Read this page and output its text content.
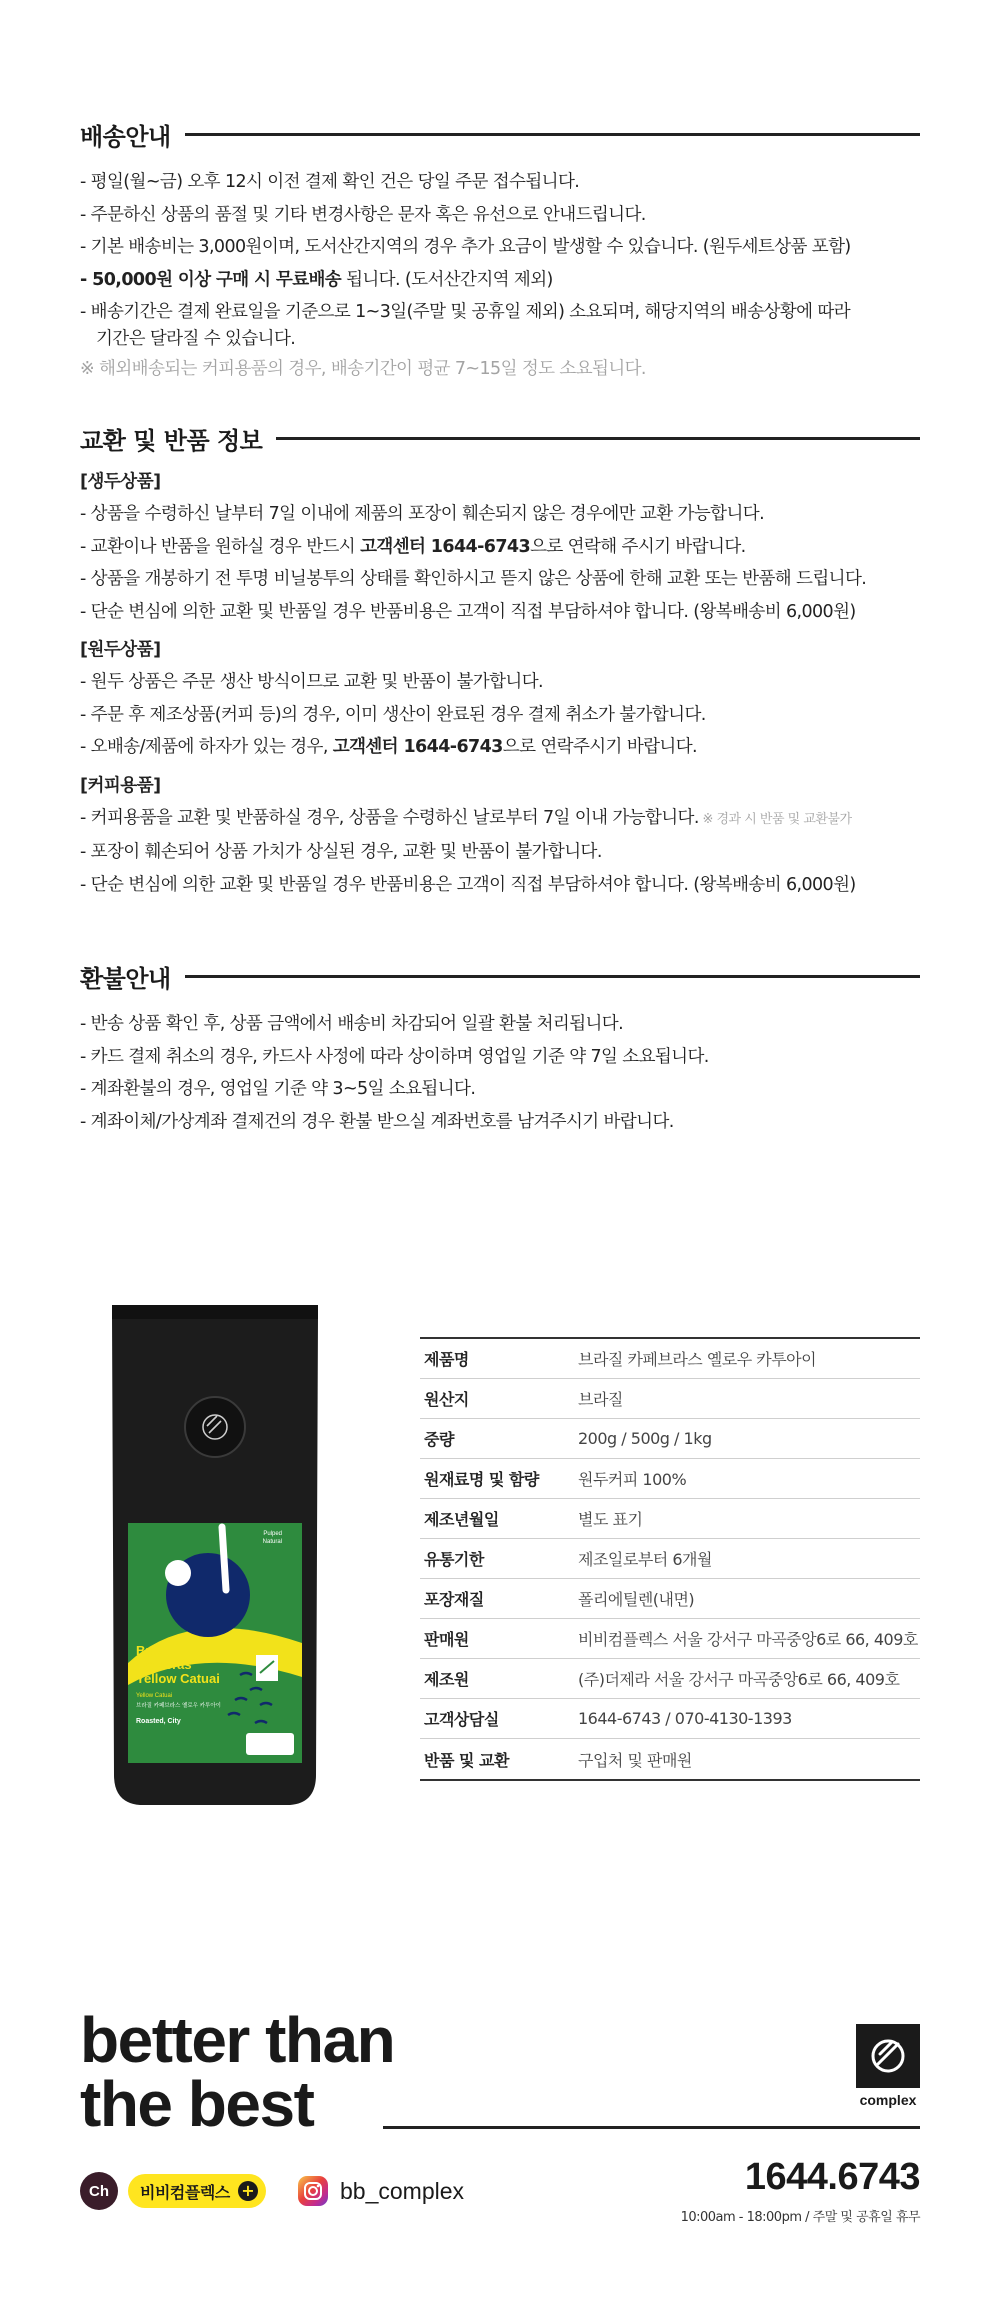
배송안내
- 평일(월~금) 오후 12시 이전 결제 확인 건은 당일 주문 접수됩니다.
- 주문하신 상품의 품절 및 기타 변경사항은 문자 혹은 유선으로 안내드립니다.
- 기본 배송비는 3,000원이며, 도서산간지역의 경우 추가 요금이 발생할 수 있습니다. (원두세트상품 포함)
- 50,000원 이상 구매 시 무료배송 됩니다. (도서산간지역 제외)
- 배송기간은 결제 완료일을 기준으로 1~3일(주말 및 공휴일 제외) 소요되며, 해당지역의 배송상황에 따라
기간은 달라질 수 있습니다.
※ 해외배송되는 커피용품의 경우, 배송기간이 평균 7~15일 정도 소요됩니다.
교환 및 반품 정보
[생두상품]
- 상품을 수령하신 날부터 7일 이내에 제품의 포장이 훼손되지 않은 경우에만 교환 가능합니다.
- 교환이나 반품을 원하실 경우 반드시 고객센터 1644-6743으로 연락해 주시기 바랍니다.
- 상품을 개봉하기 전 투명 비닐봉투의 상태를 확인하시고 뜯지 않은 상품에 한해 교환 또는 반품해 드립니다.
- 단순 변심에 의한 교환 및 반품일 경우 반품비용은 고객이 직접 부담하셔야 합니다. (왕복배송비 6,000원)
[원두상품]
- 원두 상품은 주문 생산 방식이므로 교환 및 반품이 불가합니다.
- 주문 후 제조상품(커피 등)의 경우, 이미 생산이 완료된 경우 결제 취소가 불가합니다.
- 오배송/제품에 하자가 있는 경우, 고객센터 1644-6743으로 연락주시기 바랍니다.
[커피용품]
- 커피용품을 교환 및 반품하실 경우, 상품을 수령하신 날로부터 7일 이내 가능합니다. ※ 경과 시 반품 및 교환불가
- 포장이 훼손되어 상품 가치가 상실된 경우, 교환 및 반품이 불가합니다.
- 단순 변심에 의한 교환 및 반품일 경우 반품비용은 고객이 직접 부담하셔야 합니다. (왕복배송비 6,000원)
환불안내
- 반송 상품 확인 후, 상품 금액에서 배송비 차감되어 일괄 환불 처리됩니다.
- 카드 결제 취소의 경우, 카드사 사정에 따라 상이하며 영업일 기준 약 7일 소요됩니다.
- 계좌환불의 경우, 영업일 기준 약 3~5일 소요됩니다.
- 계좌이체/가상계좌 결제건의 경우 환불 받으실 계좌번호를 남겨주시기 바랍니다.
Pulped
Natural
Brazil
Cafebras
Yellow Catuai
Yellow Catuai
브라질 카페브라스 옐로우 카투아이
Roasted, City
제품명	브라질 카페브라스 옐로우 카투아이
원산지	브라질
중량	200g / 500g / 1kg
원재료명 및 함량	원두커피 100%
제조년월일	별도 표기
유통기한	제조일로부터 6개월
포장재질	폴리에틸렌(내면)
판매원	비비컴플렉스 서울 강서구 마곡중앙6로 66, 409호
제조원	(주)더제라 서울 강서구 마곡중앙6로 66, 409호
고객상담실	1644-6743 / 070-4130-1393
반품 및 교환	구입처 및 판매원
better than
the best	complex
Ch	비비컴플렉스 +	bb_complex	1644.6743
10:00am - 18:00pm / 주말 및 공휴일 휴무
